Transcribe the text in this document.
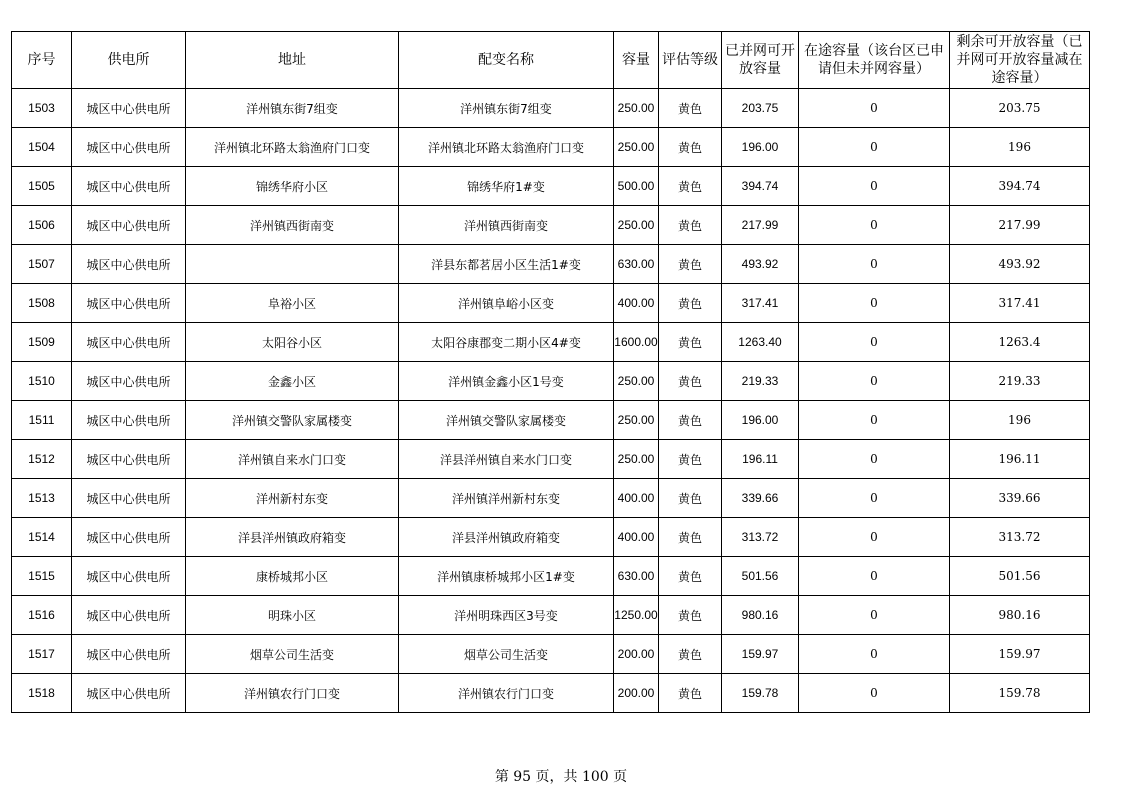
序号	供电所	地址	配变名称	容量	评估等级	已并网可开放容量	在途容量（该台区已申请但未并网容量）	剩余可开放容量（已并网可开放容量减在途容量）
1503	城区中心供电所	洋州镇东街7组变	洋州镇东街7组变	250.00	黄色	203.75	0	203.75
1504	城区中心供电所	洋州镇北环路太翁渔府门口变	洋州镇北环路太翁渔府门口变	250.00	黄色	196.00	0	196
1505	城区中心供电所	锦绣华府小区	锦绣华府1#变	500.00	黄色	394.74	0	394.74
1506	城区中心供电所	洋州镇西街南变	洋州镇西街南变	250.00	黄色	217.99	0	217.99
1507	城区中心供电所		洋县东都茗居小区生活1#变	630.00	黄色	493.92	0	493.92
1508	城区中心供电所	阜裕小区	洋州镇阜峪小区变	400.00	黄色	317.41	0	317.41
1509	城区中心供电所	太阳谷小区	太阳谷康郡变二期小区4#变	1600.00	黄色	1263.40	0	1263.4
1510	城区中心供电所	金鑫小区	洋州镇金鑫小区1号变	250.00	黄色	219.33	0	219.33
1511	城区中心供电所	洋州镇交警队家属楼变	洋州镇交警队家属楼变	250.00	黄色	196.00	0	196
1512	城区中心供电所	洋州镇自来水门口变	洋县洋州镇自来水门口变	250.00	黄色	196.11	0	196.11
1513	城区中心供电所	洋州新村东变	洋州镇洋州新村东变	400.00	黄色	339.66	0	339.66
1514	城区中心供电所	洋县洋州镇政府箱变	洋县洋州镇政府箱变	400.00	黄色	313.72	0	313.72
1515	城区中心供电所	康桥城邦小区	洋州镇康桥城邦小区1#变	630.00	黄色	501.56	0	501.56
1516	城区中心供电所	明珠小区	洋州明珠西区3号变	1250.00	黄色	980.16	0	980.16
1517	城区中心供电所	烟草公司生活变	烟草公司生活变	200.00	黄色	159.97	0	159.97
1518	城区中心供电所	洋州镇农行门口变	洋州镇农行门口变	200.00	黄色	159.78	0	159.78
第 95 页，共 100 页
